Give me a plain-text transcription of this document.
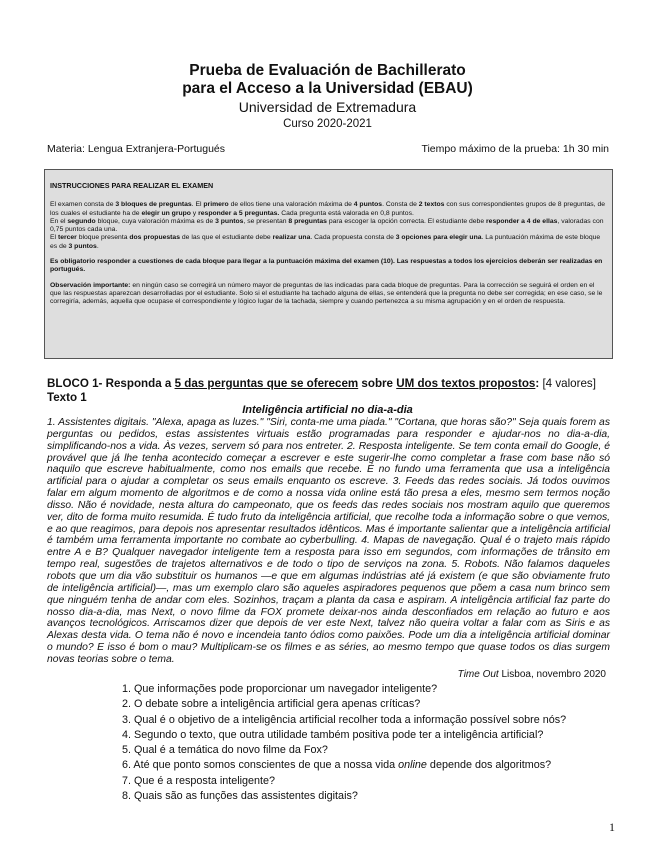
Prueba de Evaluación de Bachillerato
para el Acceso a la Universidad (EBAU)
Universidad de Extremadura
Curso 2020-2021
Materia: Lengua Extranjera-Portugués	Tiempo máximo de la prueba: 1h 30 min

INSTRUCCIONES PARA REALIZAR EL EXAMEN

El examen consta de 3 bloques de preguntas. El primero de ellos tiene una valoración máxima de 4 puntos. Consta de 2 textos con sus correspondientes grupos de 8 preguntas, de los cuales el estudiante ha de elegir un grupo y responder a 5 preguntas. Cada pregunta está valorada en 0,8 puntos.
En el segundo bloque, cuya valoración máxima es de 3 puntos, se presentan 8 preguntas para escoger la opción correcta. El estudiante debe responder a 4 de ellas, valoradas con 0,75 puntos cada una.
El tercer bloque presenta dos propuestas de las que el estudiante debe realizar una. Cada propuesta consta de 3 opciones para elegir una. La puntuación máxima de este bloque es de 3 puntos.

Es obligatorio responder a cuestiones de cada bloque para llegar a la puntuación máxima del examen (10). Las respuestas a todos los ejercicios deberán ser realizadas en portugués.

Observación importante: en ningún caso se corregirá un número mayor de preguntas de las indicadas para cada bloque de preguntas. Para la corrección se seguirá el orden en el que las respuestas aparezcan desarrolladas por el estudiante. Solo si el estudiante ha tachado alguna de ellas, se entenderá que la pregunta no debe ser corregida; en ese caso, se le corregiría, además, aquella que ocupase el correspondiente y lógico lugar de la tachada, siempre y cuando pertenezca a su misma agrupación y en el orden de respuesta.

BLOCO 1- Responda a 5 das perguntas que se oferecem sobre UM dos textos propostos: [4 valores]
Texto 1
Inteligência artificial no dia-a-dia
1. Assistentes digitais. "Alexa, apaga as luzes." "Siri, conta-me uma piada." "Cortana, que horas são?" Seja quais forem as perguntas ou pedidos, estas assistentes virtuais estão programadas para responder e ajudar-nos no dia-a-dia, simplificando-nos a vida. Às vezes, servem só para nos entreter. 2. Resposta inteligente. Se tem conta email do Google, é provável que já lhe tenha acontecido começar a escrever e este sugerir-lhe como completar a frase com base não só naquilo que escreve habitualmente, como nos emails que recebe. É no fundo uma ferramenta que usa a inteligência artificial para o ajudar a completar os seus emails enquanto os escreve. 3. Feeds das redes sociais. Já todos ouvimos falar em algum momento de algoritmos e de como a nossa vida online está tão presa a eles, mesmo sem termos noção disso. Não é novidade, nesta altura do campeonato, que os feeds das redes sociais nos mostram aquilo que queremos ver, dito de forma muito resumida. É tudo fruto da inteligência artificial, que recolhe toda a informação sobre o que vemos, e ao que reagimos, para depois nos apresentar resultados idênticos. Mas é importante salientar que a inteligência artificial é também uma ferramenta importante no combate ao cyberbulling. 4. Mapas de navegação. Qual é o trajeto mais rápido entre A e B? Qualquer navegador inteligente tem a resposta para isso em segundos, com informações de trânsito em tempo real, sugestões de trajetos alternativos e de todo o tipo de serviços na zona. 5. Robots. Não falamos daqueles robots que um dia vão substituir os humanos —e que em algumas indústrias até já existem (e que são obviamente fruto de inteligência artificial)—, mas um exemplo claro são aqueles aspiradores pequenos que põem a casa num brinco sem que ninguém tenha de andar com eles. Sozinhos, traçam a planta da casa e aspiram. A inteligência artificial faz parte do nosso dia-a-dia, mas Next, o novo filme da FOX promete deixar-nos ainda desconfiados em relação ao futuro e aos avanços tecnológicos. Arriscamos dizer que depois de ver este Next, talvez não queira voltar a falar com as Siris e as Alexas desta vida. O tema não é novo e incendeia tanto ódios como paixões. Pode um dia a inteligência artificial dominar o mundo? E isso é bom o mau? Multiplicam-se os filmes e as séries, ao mesmo tempo que quase todos os dias surgem novas teorias sobre o tema.
Time Out Lisboa, novembro 2020
1. Que informações pode proporcionar um navegador inteligente?
2. O debate sobre a inteligência artificial gera apenas críticas?
3. Qual é o objetivo de a inteligência artificial recolher toda a informação possível sobre nós?
4. Segundo o texto, que outra utilidade também positiva pode ter a inteligência artificial?
5. Qual é a temática do novo filme da Fox?
6. Até que ponto somos conscientes de que a nossa vida online depende dos algoritmos?
7. Que é a resposta inteligente?
8. Quais são as funções das assistentes digitais?
1
